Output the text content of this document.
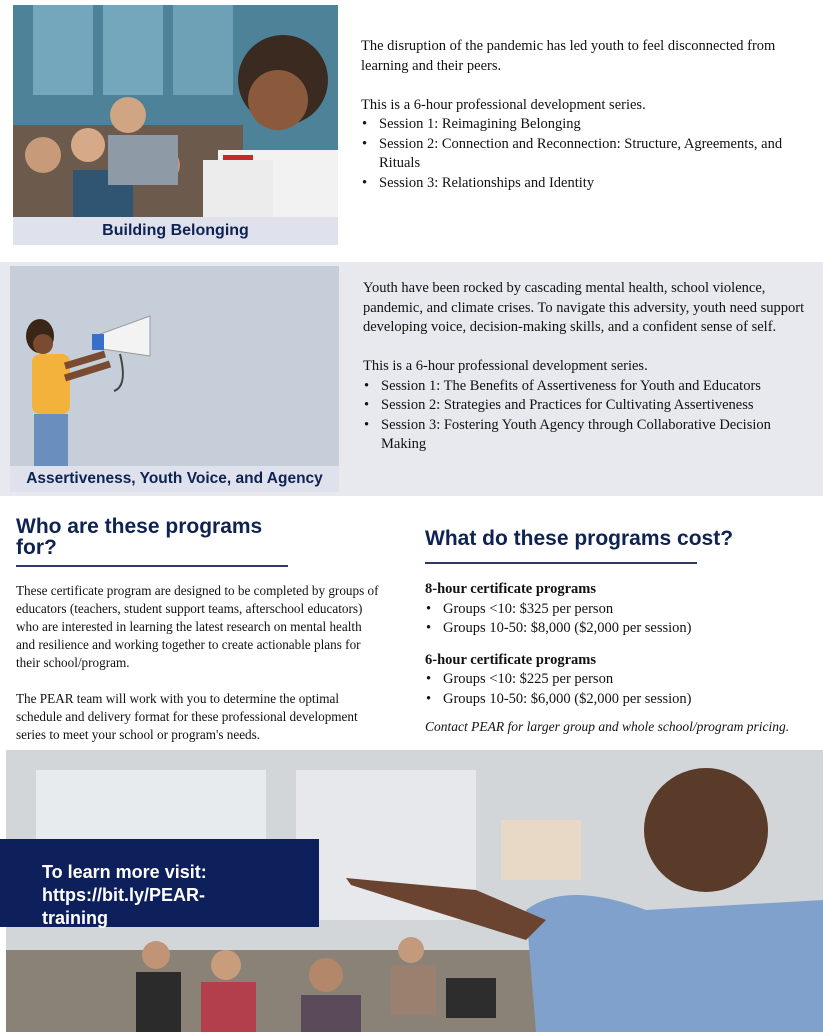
Building Belonging

The disruption of the pandemic has led youth to feel disconnected from learning and their peers.

This is a 6-hour professional development series.

• Session 1: Reimagining Belonging
• Session 2: Connection and Reconnection: Structure, Agreements, and Rituals
• Session 3: Relationships and Identity
Assertiveness, Youth Voice, and Agency

Youth have been rocked by cascading mental health, school violence, pandemic, and climate crises. To navigate this adversity, youth need support developing voice, decision-making skills, and a confident sense of self.

This is a 6-hour professional development series.

• Session 1: The Benefits of Assertiveness for Youth and Educators
• Session 2: Strategies and Practices for Cultivating Assertiveness
• Session 3: Fostering Youth Agency through Collaborative Decision Making
Who are these programs for?

These certificate program are designed to be completed by groups of educators (teachers, student support teams, afterschool educators) who are interested in learning the latest research on mental health and resilience and working together to create actionable plans for their school/program.

The PEAR team will work with you to determine the optimal schedule and delivery format for these professional development series to meet your school or program's needs.

What do these programs cost?

8-hour certificate programs

• Groups <10: $325 per person
• Groups 10-50: $8,000 ($2,000 per session)

6-hour certificate programs

• Groups <10: $225 per person
• Groups 10-50: $6,000 ($2,000 per session)

Contact PEAR for larger group and whole school/program pricing.

To learn more visit:
https://bit.ly/PEAR-
training
